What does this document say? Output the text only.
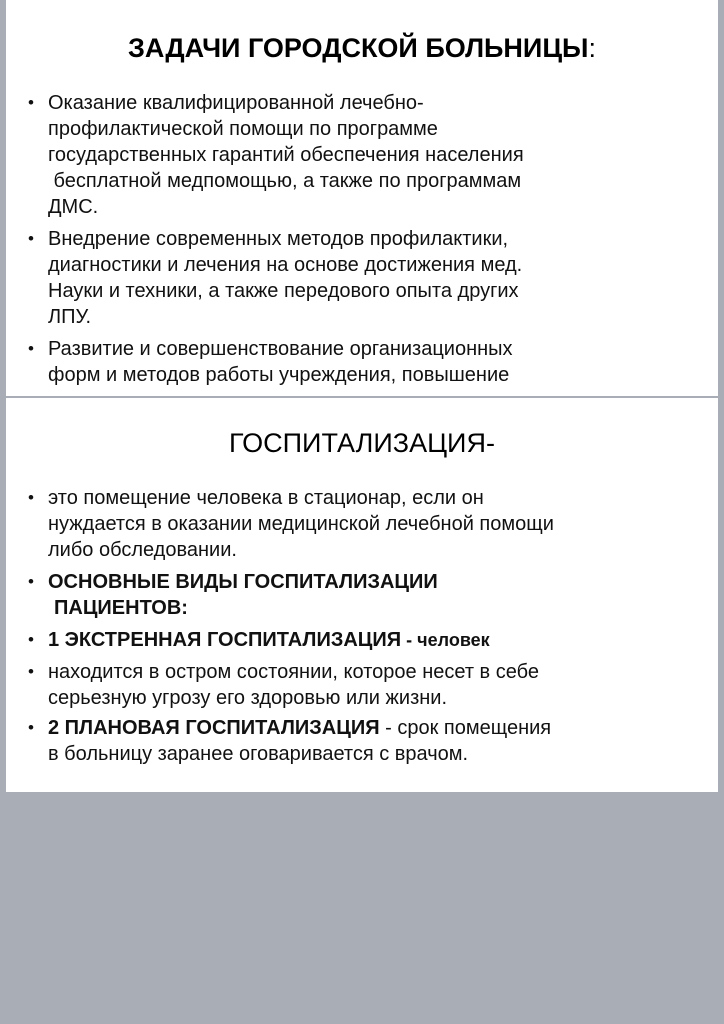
ЗАДАЧИ ГОРОДСКОЙ БОЛЬНИЦЫ:
• Оказание квалифицированной лечебно-
профилактической помощи по программе
государственных гарантий обеспечения населения
бесплатной медпомощью, а также по программам
ДМС.
• Внедрение современных методов профилактики,
диагностики и лечения на основе достижения мед.
Науки и техники, а также передового опыта других
ЛПУ.
• Развитие и совершенствование организационных
форм и методов работы учреждения, повышение
ГОСПИТАЛИЗАЦИЯ-
• это помещение человека в стационар, если он
нуждается в оказании медицинской лечебной помощи
либо обследовании.
• ОСНОВНЫЕ ВИДЫ ГОСПИТАЛИЗАЦИИ
ПАЦИЕНТОВ:
• 1 ЭКСТРЕННАЯ ГОСПИТАЛИЗАЦИЯ - человек
• находится в остром состоянии, которое несет в себе
серьезную угрозу его здоровью или жизни.
• 2 ПЛАНОВАЯ ГОСПИТАЛИЗАЦИЯ - срок помещения
в больницу заранее оговаривается с врачом.
